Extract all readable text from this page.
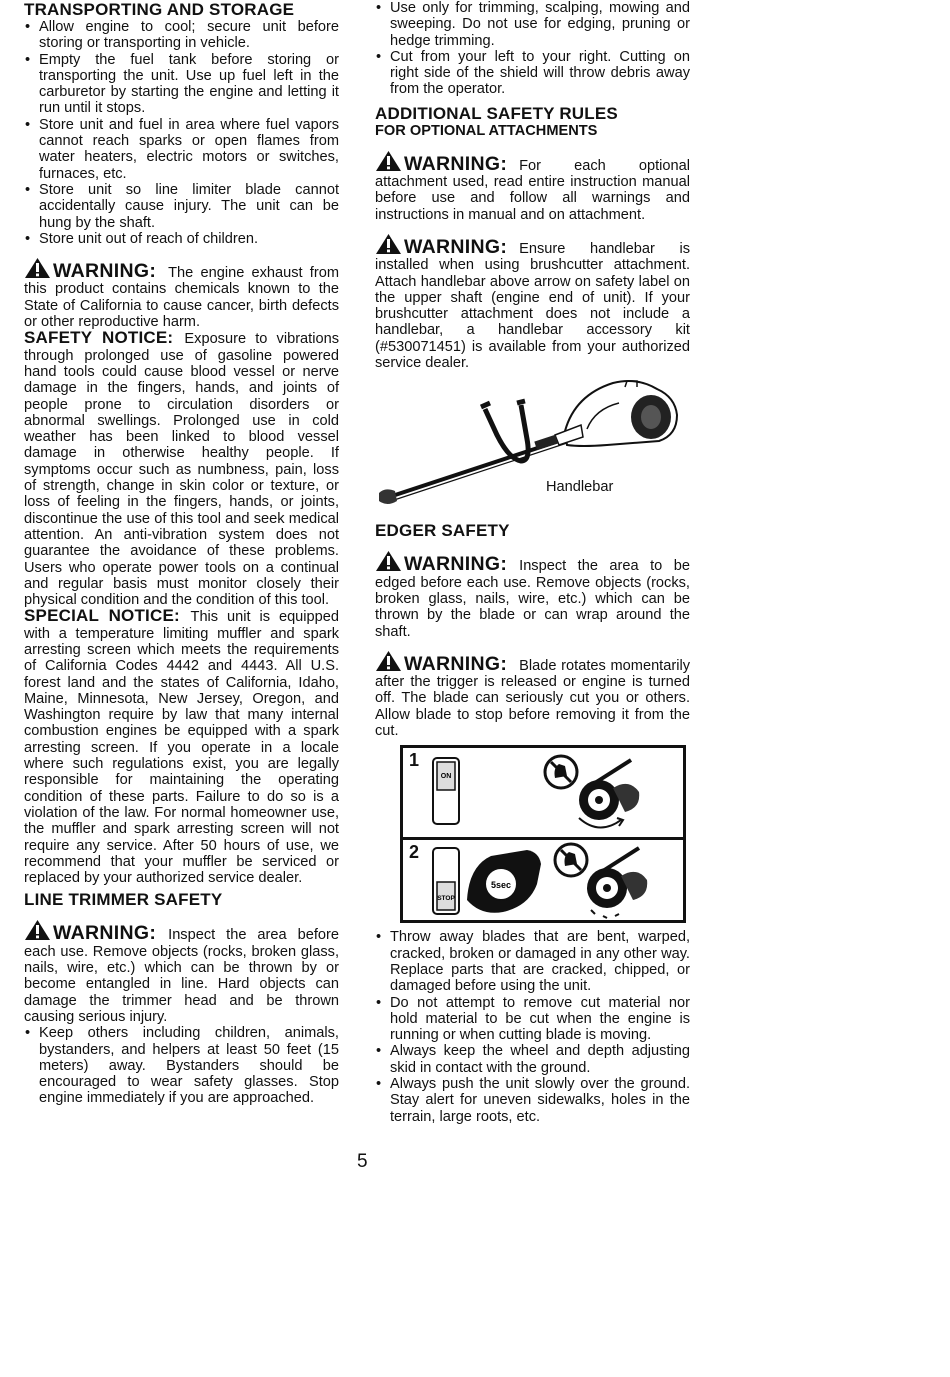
TRANSPORTING AND STORAGE
• Allow engine to cool; secure unit before storing or transporting in vehicle.
• Empty the fuel tank before storing or transporting the unit. Use up fuel left in the carburetor by starting the engine and letting it run until it stops.
• Store unit and fuel in area where fuel vapors cannot reach sparks or open flames from water heaters, electric motors or switches, furnaces, etc.
• Store unit so line limiter blade cannot accidentally cause injury. The unit can be hung by the shaft.
• Store unit out of reach of children.

WARNING: The engine exhaust from this product contains chemicals known to the State of California to cause cancer, birth defects or other reproductive harm.

SAFETY NOTICE: Exposure to vibrations through prolonged use of gasoline powered hand tools could cause blood vessel or nerve damage in the fingers, hands, and joints of people prone to circulation disorders or abnormal swellings. Prolonged use in cold weather has been linked to blood vessel damage in otherwise healthy people. If symptoms occur such as numbness, pain, loss of strength, change in skin color or texture, or loss of feeling in the fingers, hands, or joints, discontinue the use of this tool and seek medical attention. An anti-vibration system does not guarantee the avoidance of these problems. Users who operate power tools on a continual and regular basis must monitor closely their physical condition and the condition of this tool.

SPECIAL NOTICE: This unit is equipped with a temperature limiting muffler and spark arresting screen which meets the requirements of California Codes 4442 and 4443. All U.S. forest land and the states of California, Idaho, Maine, Minnesota, New Jersey, Oregon, and Washington require by law that many internal combustion engines be equipped with a spark arresting screen. If you operate in a locale where such regulations exist, you are legally responsible for maintaining the operating condition of these parts. Failure to do so is a violation of the law. For normal homeowner use, the muffler and spark arresting screen will not require any service. After 50 hours of use, we recommend that your muffler be serviced or replaced by your authorized service dealer.

LINE TRIMMER SAFETY

WARNING: Inspect the area before each use. Remove objects (rocks, broken glass, nails, wire, etc.) which can be thrown by or become entangled in line. Hard objects can damage the trimmer head and be thrown causing serious injury.

• Keep others including children, animals, bystanders, and helpers at least 50 feet (15 meters) away. Bystanders should be encouraged to wear safety glasses. Stop engine immediately if you are approached.
• Use only for trimming, scalping, mowing and sweeping. Do not use for edging, pruning or hedge trimming.
• Cut from your left to your right. Cutting on right side of the shield will throw debris away from the operator.
ADDITIONAL SAFETY RULES
FOR OPTIONAL ATTACHMENTS

WARNING: For each optional attachment used, read entire instruction manual before use and follow all warnings and instructions in manual and on attachment.

WARNING: Ensure handlebar is installed when using brushcutter attachment. Attach handlebar above arrow on safety label on the upper shaft (engine end of unit). If your brushcutter attachment does not include a handlebar, a handlebar accessory kit (#530071451) is available from your authorized service dealer.

Handlebar
EDGER SAFETY

WARNING: Inspect the area to be edged before each use. Remove objects (rocks, broken glass, nails, wire, etc.) which can be thrown by the blade or can wrap around the shaft.

WARNING: Blade rotates momentarily after the trigger is released or engine is turned off. The blade can seriously cut you or others. Allow blade to stop before removing it from the cut.

1
ON
2
STOP
5sec
• Throw away blades that are bent, warped, cracked, broken or damaged in any other way. Replace parts that are cracked, chipped, or damaged before using the unit.
• Do not attempt to remove cut material nor hold material to be cut when the engine is running or when cutting blade is moving.
• Always keep the wheel and depth adjusting skid in contact with the ground.
• Always push the unit slowly over the ground. Stay alert for uneven sidewalks, holes in the terrain, large roots, etc.
5
